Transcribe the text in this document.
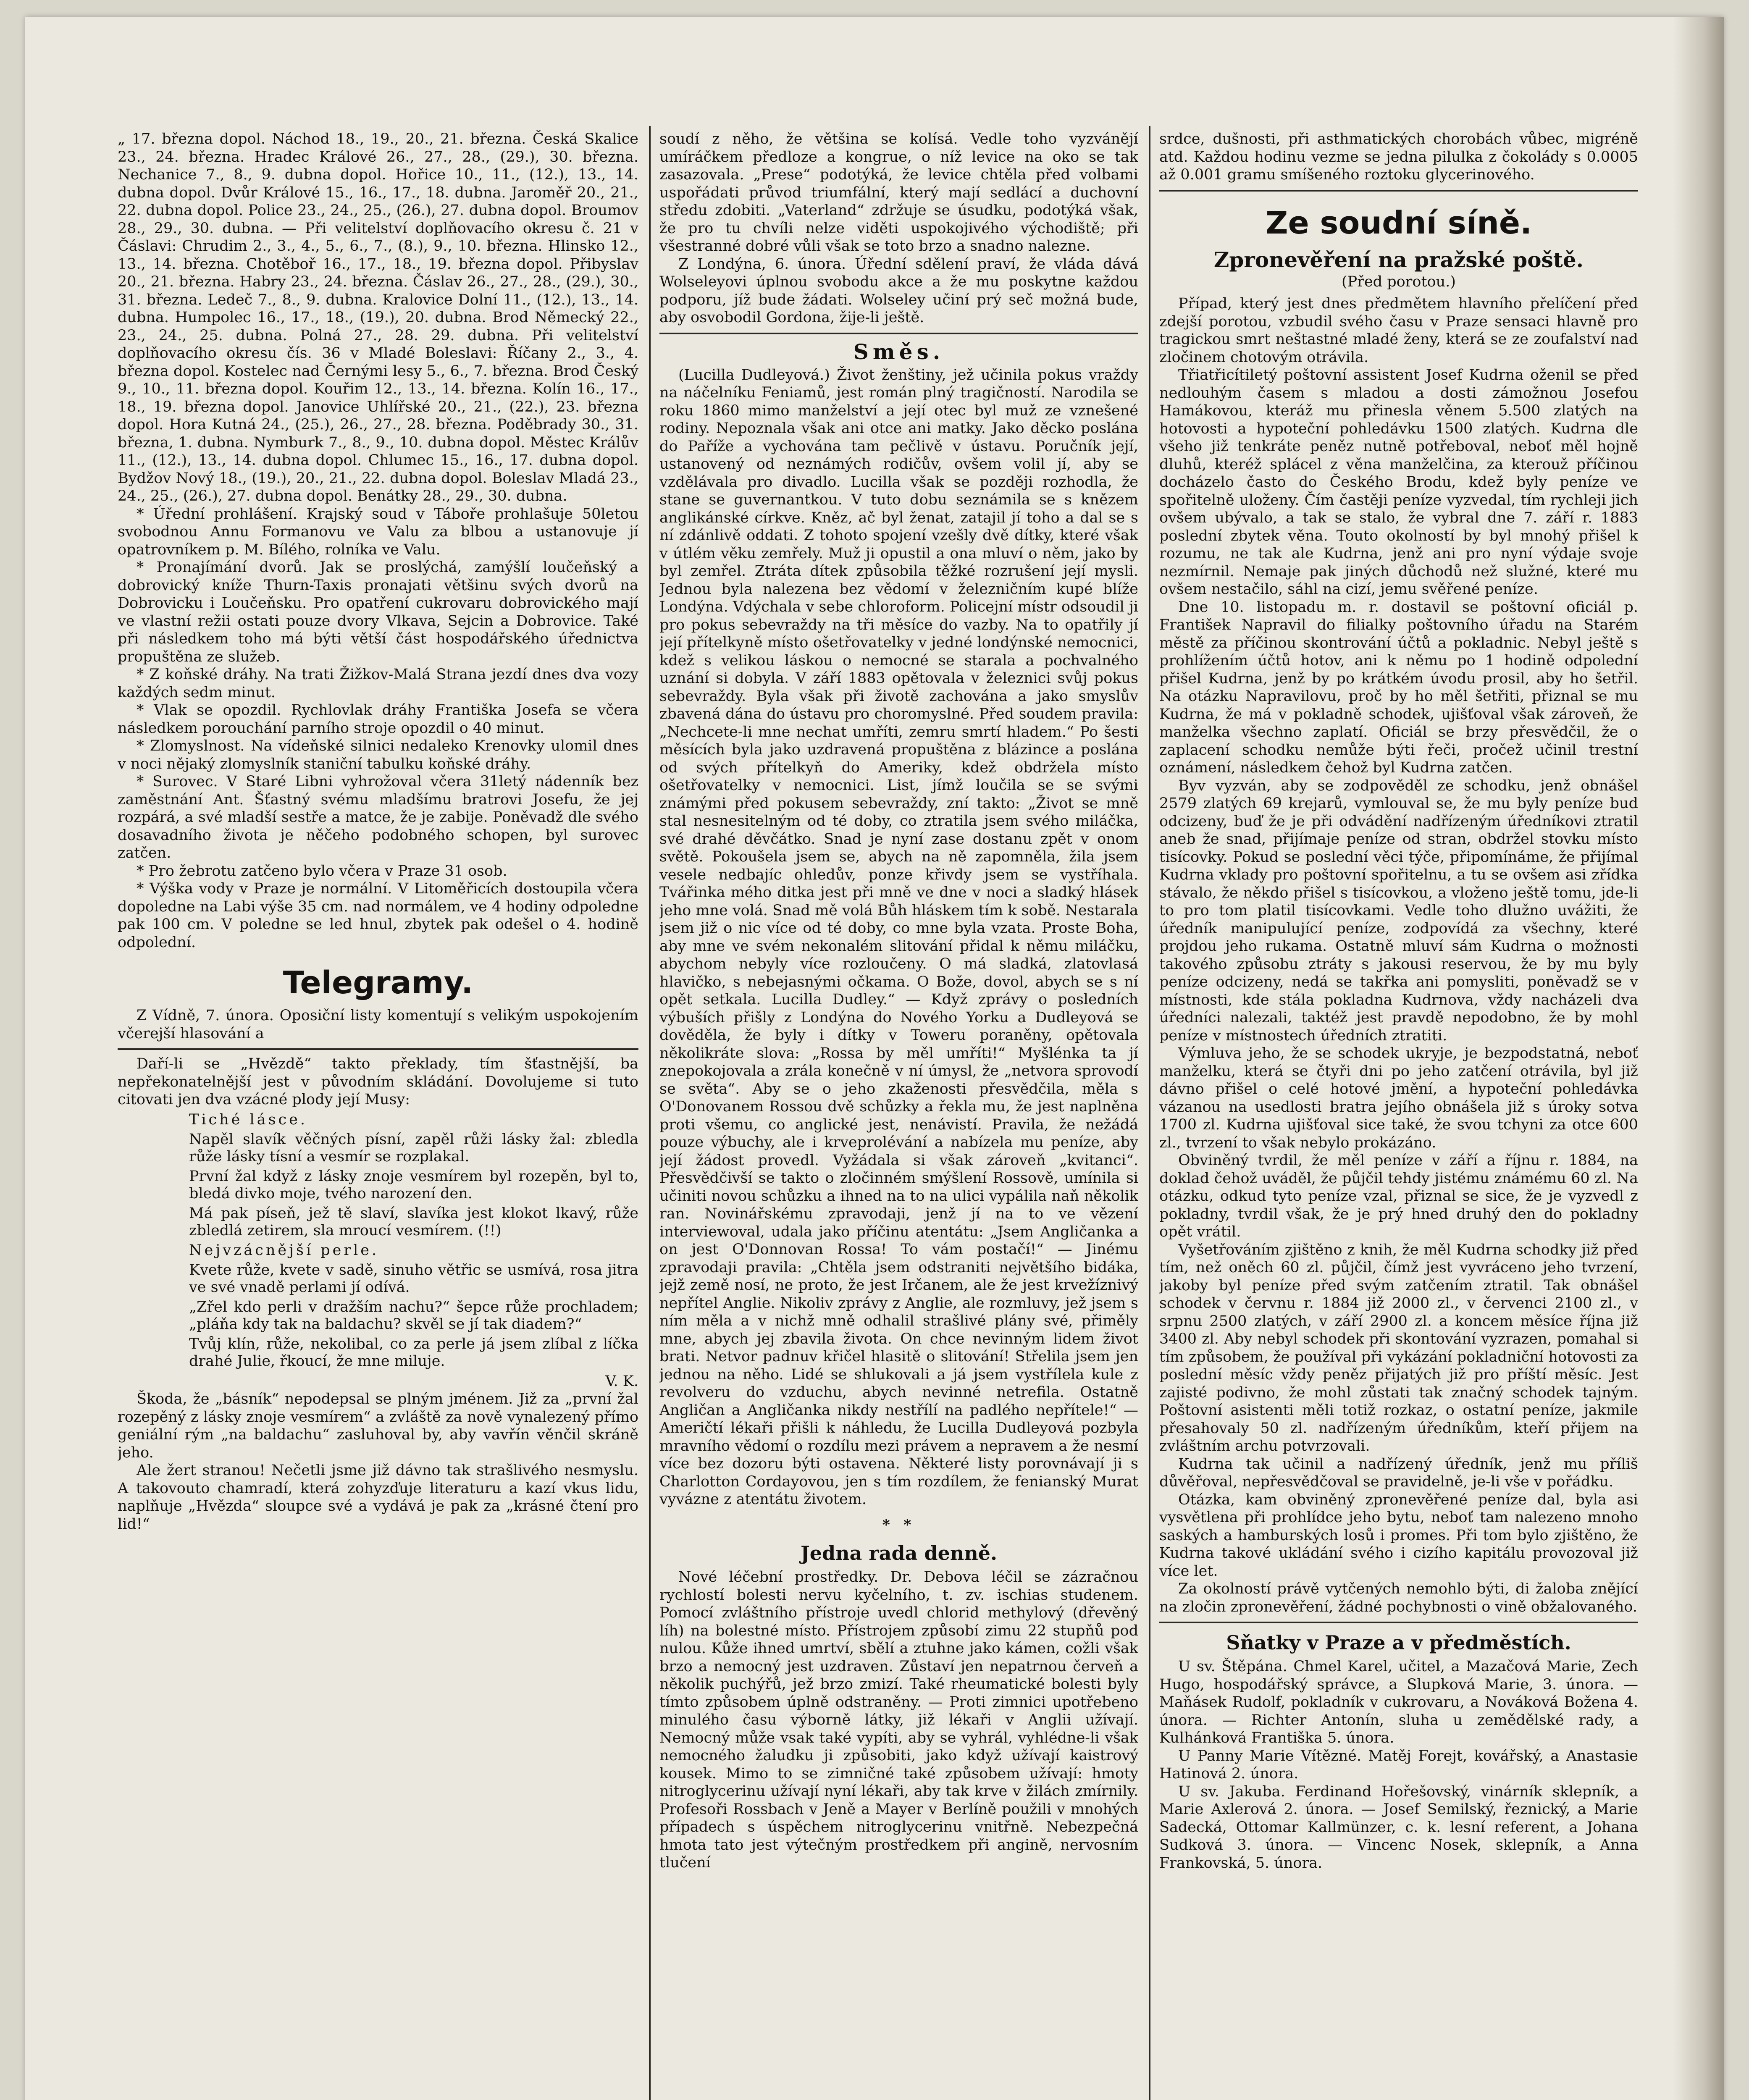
„ 17. března dopol. Náchod 18., 19., 20., 21. března. Česká Skalice 23., 24. března. Hradec Králové 26., 27., 28., (29.), 30. března. Nechanice 7., 8., 9. dubna dopol. Hořice 10., 11., (12.), 13., 14. dubna dopol. Dvůr Králové 15., 16., 17., 18. dubna. Jaroměř 20., 21., 22. dubna dopol. Police 23., 24., 25., (26.), 27. dubna dopol. Broumov 28., 29., 30. dubna. — Při velitelství doplňovacího okresu č. 21 v Čáslavi: Chrudim 2., 3., 4., 5., 6., 7., (8.), 9., 10. března. Hlinsko 12., 13., 14. března. Chotěboř 16., 17., 18., 19. března dopol. Přibyslav 20., 21. března. Habry 23., 24. března. Čáslav 26., 27., 28., (29.), 30., 31. března. Ledeč 7., 8., 9. dubna. Kralovice Dolní 11., (12.), 13., 14. dubna. Humpolec 16., 17., 18., (19.), 20. dubna. Brod Německý 22., 23., 24., 25. dubna. Polná 27., 28. 29. dubna. Při velitelství doplňovacího okresu čís. 36 v Mladé Boleslavi: Říčany 2., 3., 4. března dopol. Kostelec nad Černými lesy 5., 6., 7. března. Brod Český 9., 10., 11. března dopol. Kouřim 12., 13., 14. března. Kolín 16., 17., 18., 19. března dopol. Janovice Uhlířské 20., 21., (22.), 23. března dopol. Hora Kutná 24., (25.), 26., 27., 28. března. Poděbrady 30., 31. března, 1. dubna. Nymburk 7., 8., 9., 10. dubna dopol. Městec Králův 11., (12.), 13., 14. dubna dopol. Chlumec 15., 16., 17. dubna dopol. Bydžov Nový 18., (19.), 20., 21., 22. dubna dopol. Boleslav Mladá 23., 24., 25., (26.), 27. dubna dopol. Benátky 28., 29., 30. dubna.

* Úřední prohlášení. Krajský soud v Táboře prohlašuje 50letou svobodnou Annu Formanovu ve Valu za blbou a ustanovuje jí opatrovníkem p. M. Bílého, rolníka ve Valu.

* Pronajímání dvorů. Jak se proslýchá, zamýšlí loučeňský a dobrovický kníže Thurn-Taxis pronajati většinu svých dvorů na Dobrovicku i Loučeňsku. Pro opatření cukrovaru dobrovického mají ve vlastní režii ostati pouze dvory Vlkava, Sejcin a Dobrovice. Také při následkem toho má býti větší část hospodářského úřednictva propuštěna ze služeb.

* Z koňské dráhy. Na trati Žižkov-Malá Strana jezdí dnes dva vozy každých sedm minut.

* Vlak se opozdil. Rychlovlak dráhy Františka Josefa se včera následkem porouchání parního stroje opozdil o 40 minut.

* Zlomyslnost. Na vídeňské silnici nedaleko Krenovky ulomil dnes v noci nějaký zlomyslník staniční tabulku koňské dráhy.

* Surovec. V Staré Libni vyhrožoval včera 31letý nádenník bez zaměstnání Ant. Šťastný svému mladšímu bratrovi Josefu, že jej rozpárá, a své mladší sestře a matce, že je zabije. Poněvadž dle svého dosavadního života je něčeho podobného schopen, byl surovec zatčen.

* Pro žebrotu zatčeno bylo včera v Praze 31 osob.

* Výška vody v Praze je normální. V Litoměřicích dostoupila včera dopoledne na Labi výše 35 cm. nad normálem, ve 4 hodiny odpoledne pak 100 cm. V poledne se led hnul, zbytek pak odešel o 4. hodině odpolední.

Telegramy.

Z Vídně, 7. února. Oposiční listy komentují s velikým uspokojením včerejší hlasování a

Daří-li se „Hvězdě“ takto překlady, tím šťastnější, ba nepřekonatelnější jest v původním skládání. Dovolujeme si tuto citovati jen dva vzácné plody její Musy:

Tiché lásce.

Napěl slavík věčných písní, zapěl růži lásky žal: zbledla růže lásky tísní a vesmír se rozplakal.

První žal když z lásky znoje vesmírem byl rozepěn, byl to, bledá divko moje, tvého narození den.

Má pak píseň, jež tě slaví, slavíka jest klokot lkavý, růže zbledlá zetirem, sla mroucí vesmírem. (!!)

Nejvzácnější perle.

Kvete růže, kvete v sadě, sinuho větřic se usmívá, rosa jitra ve své vnadě perlami jí odívá.

„Zřel kdo perli v dražším nachu?“ šepce růže prochladem; „pláňa kdy tak na baldachu? skvěl se jí tak diadem?“

Tvůj klín, růže, nekolibal, co za perle já jsem zlíbal z líčka drahé Julie, řkoucí, že mne miluje.

V. K.

Škoda, že „básník“ nepodepsal se plným jménem. Již za „první žal rozepěný z lásky znoje vesmírem“ a zvláště za nově vynalezený přímo geniální rým „na baldachu“ zasluhoval by, aby vavřín věnčil skráně jeho.

Ale žert stranou! Nečetli jsme již dávno tak strašlivého nesmyslu. A takovouto chamradí, která zohyzďuje literaturu a kazí vkus lidu, naplňuje „Hvězda“ sloupce své a vydává je pak za „krásné čtení pro lid!“

soudí z něho, že většina se kolísá. Vedle toho vyzvánějí umíráčkem předloze a kongrue, o níž levice na oko se tak zasazovala. „Prese“ podotýká, že levice chtěla před volbami uspořádati průvod triumfální, který mají sedlácí a duchovní středu zdobiti. „Vaterland“ zdržuje se úsudku, podotýká však, že pro tu chvíli nelze viděti uspokojivého východiště; při všestranné dobré vůli však se toto brzo a snadno nalezne.

Z Londýna, 6. února. Úřední sdělení praví, že vláda dává Wolseleyovi úplnou svobodu akce a že mu poskytne každou podporu, jíž bude žádati. Wolseley učiní prý seč možná bude, aby osvobodil Gordona, žije-li ještě.

Směs.

(Lucilla Dudleyová.) Život ženštiny, jež učinila pokus vraždy na náčelníku Feniamů, jest román plný tragičností. Narodila se roku 1860 mimo manželství a její otec byl muž ze vznešené rodiny. Nepoznala však ani otce ani matky. Jako děcko poslána do Paříže a vychována tam pečlivě v ústavu. Poručník její, ustanovený od neznámých rodičův, ovšem volil jí, aby se vzdělávala pro divadlo. Lucilla však se později rozhodla, že stane se guvernantkou. V tuto dobu seznámila se s knězem anglikánské církve. Kněz, ač byl ženat, zatajil jí toho a dal se s ní zdánlivě oddati. Z tohoto spojení vzešly dvě dítky, které však v útlém věku zemřely. Muž ji opustil a ona mluví o něm, jako by byl zemřel. Ztráta dítek způsobila těžké rozrušení její mysli. Jednou byla nalezena bez vědomí v železničním kupé blíže Londýna. Vdýchala v sebe chloroform. Policejní místr odsoudil ji pro pokus sebevraždy na tři měsíce do vazby. Na to opatřily jí její přítelkyně místo ošetřovatelky v jedné londýnské nemocnici, kdež s velikou láskou o nemocné se starala a pochvalného uznání si dobyla. V září 1883 opětovala v železnici svůj pokus sebevraždy. Byla však při životě zachována a jako smyslův zbavená dána do ústavu pro choromyslné. Před soudem pravila: „Nechcete-li mne nechat umříti, zemru smrtí hladem.“ Po šesti měsících byla jako uzdravená propuštěna z blázince a poslána od svých přítelkyň do Ameriky, kdež obdržela místo ošetřovatelky v nemocnici. List, jímž loučila se se svými známými před pokusem sebevraždy, zní takto: „Život se mně stal nesnesitelným od té doby, co ztratila jsem svého miláčka, své drahé děvčátko. Snad je nyní zase dostanu zpět v onom světě. Pokoušela jsem se, abych na ně zapomněla, žila jsem vesele nedbajíc ohledův, ponze křivdy jsem se vystříhala. Tvářinka mého ditka jest při mně ve dne v noci a sladký hlásek jeho mne volá. Snad mě volá Bůh hláskem tím k sobě. Nestarala jsem již o nic více od té doby, co mne byla vzata. Proste Boha, aby mne ve svém nekonalém slitování přidal k němu miláčku, abychom nebyly více rozloučeny. O má sladká, zlatovlasá hlavičko, s nebejasnými očkama. O Bože, dovol, abych se s ní opět setkala. Lucilla Dudley.“ — Když zprávy o posledních výbuších přišly z Londýna do Nového Yorku a Dudleyová se dověděla, že byly i dítky v Toweru poraněny, opětovala několikráte slova: „Rossa by měl umříti!“ Myšlénka ta jí znepokojovala a zrála konečně v ní úmysl, že „netvora sprovodí se světa“. Aby se o jeho zkaženosti přesvědčila, měla s O'Donovanem Rossou dvě schůzky a řekla mu, že jest naplněna proti všemu, co anglické jest, nenávistí. Pravila, že nežádá pouze výbuchy, ale i krveprolévání a nabízela mu peníze, aby její žádost provedl. Vyžádala si však zároveň „kvitanci“. Přesvědčivší se takto o zločinném smýšlení Rossově, umínila si učiniti novou schůzku a ihned na to na ulici vypálila naň několik ran. Novinářskému zpravodaji, jenž jí na to ve vězení interviewoval, udala jako příčinu atentátu: „Jsem Angličanka a on jest O'Donnovan Rossa! To vám postačí!“ — Jinému zpravodaji pravila: „Chtěla jsem odstraniti největšího bidáka, jejž země nosí, ne proto, že jest Irčanem, ale že jest krvežíznivý nepřítel Anglie. Nikoliv zprávy z Anglie, ale rozmluvy, jež jsem s ním měla a v nichž mně odhalil strašlivé plány své, přiměly mne, abych jej zbavila života. On chce nevinným lidem život brati. Netvor padnuv křičel hlasitě o slitování! Střelila jsem jen jednou na něho. Lidé se shlukovali a já jsem vystřílela kule z revolveru do vzduchu, abych nevinné netrefila. Ostatně Angličan a Angličanka nikdy nestřílí na padlého nepřítele!“ — Američtí lékaři přišli k náhledu, že Lucilla Dudleyová pozbyla mravního vědomí o rozdílu mezi právem a nepravem a že nesmí více bez dozoru býti ostavena. Některé listy porovnávají ji s Charlotton Cordayovou, jen s tím rozdílem, že fenianský Murat vyvázne z atentátu životem.

* *
Jedna rada denně.

Nové léčební prostředky. Dr. Debova léčil se zázračnou rychlostí bolesti nervu kyčelního, t. zv. ischias studenem. Pomocí zvláštního přístroje uvedl chlorid methylový (dřevěný líh) na bolestné místo. Přístrojem způsobí zimu 22 stupňů pod nulou. Kůže ihned umrtví, sbělí a ztuhne jako kámen, cožli však brzo a nemocný jest uzdraven. Zůstaví jen nepatrnou červeň a několik puchýřů, jež brzo zmizí. Také rheumatické bolesti byly tímto způsobem úplně odstraněny. — Proti zimnici upotřebeno minulého času výborně látky, již lékaři v Anglii užívají. Nemocný může vsak také vypíti, aby se vyhrál, vyhlédne-li však nemocného žaludku ji způsobiti, jako když užívají kaistrový kousek. Mimo to se zimničné také způsobem užívají: hmoty nitroglycerinu užívají nyní lékaři, aby tak krve v žilách zmírnily. Profesoři Rossbach v Jeně a Mayer v Berlíně použili v mnohých případech s úspěchem nitroglycerinu vnitřně. Nebezpečná hmota tato jest výtečným prostředkem při angině, nervosním tlučení

srdce, dušnosti, při asthmatických chorobách vůbec, migréně atd. Každou hodinu vezme se jedna pilulka z čokolády s 0.0005 až 0.001 gramu smíšeného roztoku glycerinového.

Ze soudní síně.
Zpronevěření na pražské poště.

(Před porotou.)

Případ, který jest dnes předmětem hlavního přelíčení před zdejší porotou, vzbudil svého času v Praze sensaci hlavně pro tragickou smrt neštastné mladé ženy, která se ze zoufalství nad zločinem chotovým otrávila.

Třiatřicítiletý poštovní assistent Josef Kudrna oženil se před nedlouhým časem s mladou a dosti zámožnou Josefou Hamákovou, kteráž mu přinesla věnem 5.500 zlatých na hotovosti a hypoteční pohledávku 1500 zlatých. Kudrna dle všeho již tenkráte peněz nutně potřeboval, neboť měl hojně dluhů, kteréž splácel z věna manželčina, za kterouž příčinou docházelo často do Českého Brodu, kdež byly peníze ve spořitelně uloženy. Čím častěji peníze vyzvedal, tím rychleji jich ovšem ubývalo, a tak se stalo, že vybral dne 7. září r. 1883 poslední zbytek věna. Touto okolností by byl mnohý přišel k rozumu, ne tak ale Kudrna, jenž ani pro nyní výdaje svoje nezmírnil. Nemaje pak jiných důchodů než služné, které mu ovšem nestačilo, sáhl na cizí, jemu svěřené peníze.

Dne 10. listopadu m. r. dostavil se poštovní oficiál p. František Napravil do filialky poštovního úřadu na Starém městě za příčinou skontrování účtů a pokladnic. Nebyl ještě s prohlížením účtů hotov, ani k němu po 1 hodině odpolední přišel Kudrna, jenž by po krátkém úvodu prosil, aby ho šetřil. Na otázku Napravilovu, proč by ho měl šetřiti, přiznal se mu Kudrna, že má v pokladně schodek, ujišťoval však zároveň, že manželka všechno zaplatí. Oficiál se brzy přesvědčil, že o zaplacení schodku nemůže býti řeči, pročež učinil trestní oznámení, následkem čehož byl Kudrna zatčen.

Byv vyzván, aby se zodpověděl ze schodku, jenž obnášel 2579 zlatých 69 krejarů, vymlouval se, že mu byly peníze buď odcizeny, buď že je při odvádění nadřízeným úředníkovi ztratil aneb že snad, přijímaje peníze od stran, obdržel stovku místo tisícovky. Pokud se poslední věci týče, připomínáme, že přijímal Kudrna vklady pro poštovní spořitelnu, a tu se ovšem asi zřídka stávalo, že někdo přišel s tisícovkou, a vloženo ještě tomu, jde-li to pro tom platil tisícovkami. Vedle toho dlužno uvážiti, že úředník manipulující peníze, zodpovídá za všechny, které projdou jeho rukama. Ostatně mluví sám Kudrna o možnosti takového způsobu ztráty s jakousi reservou, že by mu byly peníze odcizeny, nedá se takřka ani pomysliti, poněvadž se v místnosti, kde stála pokladna Kudrnova, vždy nacházeli dva úředníci nalezali, taktéž jest pravdě nepodobno, že by mohl peníze v místnostech úředních ztratiti.

Výmluva jeho, že se schodek ukryje, je bezpodstatná, neboť manželku, která se čtyři dni po jeho zatčení otrávila, byl již dávno přišel o celé hotové jmění, a hypoteční pohledávka vázanou na usedlosti bratra jejího obnášela již s úroky sotva 1700 zl. Kudrna ujišťoval sice také, že svou tchyni za otce 600 zl., tvrzení to však nebylo prokázáno.

Obviněný tvrdil, že měl peníze v září a říjnu r. 1884, na doklad čehož uváděl, že půjčil tehdy jistému známému 60 zl. Na otázku, odkud tyto peníze vzal, přiznal se sice, že je vyzvedl z pokladny, tvrdil však, že je prý hned druhý den do pokladny opět vrátil.

Vyšetřováním zjištěno z knih, že měl Kudrna schodky již před tím, než oněch 60 zl. půjčil, čímž jest vyvráceno jeho tvrzení, jakoby byl peníze před svým zatčením ztratil. Tak obnášel schodek v červnu r. 1884 již 2000 zl., v červenci 2100 zl., v srpnu 2500 zlatých, v září 2900 zl. a koncem měsíce října již 3400 zl. Aby nebyl schodek při skontování vyzrazen, pomahal si tím způsobem, že používal při vykázání pokladniční hotovosti za poslední měsíc vždy peněz přijatých již pro příští měsíc. Jest zajisté podivno, že mohl zůstati tak značný schodek tajným. Poštovní asistenti měli totiž rozkaz, o ostatní peníze, jakmile přesahovaly 50 zl. nadřízeným úředníkům, kteří přijem na zvláštním archu potvrzovali.

Kudrna tak učinil a nadřízený úředník, jenž mu příliš důvěřoval, nepřesvědčoval se pravidelně, je-li vše v pořádku.

Otázka, kam obviněný zpronevěřené peníze dal, byla asi vysvětlena při prohlídce jeho bytu, neboť tam nalezeno mnoho saských a hamburských losů i promes. Při tom bylo zjištěno, že Kudrna takové ukládání svého i cizího kapitálu provozoval již více let.

Za okolností právě vytčených nemohlo býti, di žaloba znějící na zločin zpronevěření, žádné pochybnosti o vině obžalovaného.

Sňatky v Praze a v předměstích.

U sv. Štěpána. Chmel Karel, učitel, a Mazačová Marie, Zech Hugo, hospodářský správce, a Slupková Marie, 3. února. — Maňásek Rudolf, pokladník v cukrovaru, a Nováková Božena 4. února. — Richter Antonín, sluha u zemědělské rady, a Kulhánková Františka 5. února.

U Panny Marie Vítězné. Matěj Forejt, kovářský, a Anastasie Hatinová 2. února.

U sv. Jakuba. Ferdinand Hořešovský, vinárník sklepník, a Marie Axlerová 2. února. — Josef Semilský, řeznický, a Marie Sadecká, Ottomar Kallmünzer, c. k. lesní referent, a Johana Sudková 3. února. — Vincenc Nosek, sklepník, a Anna Frankovská, 5. února.
